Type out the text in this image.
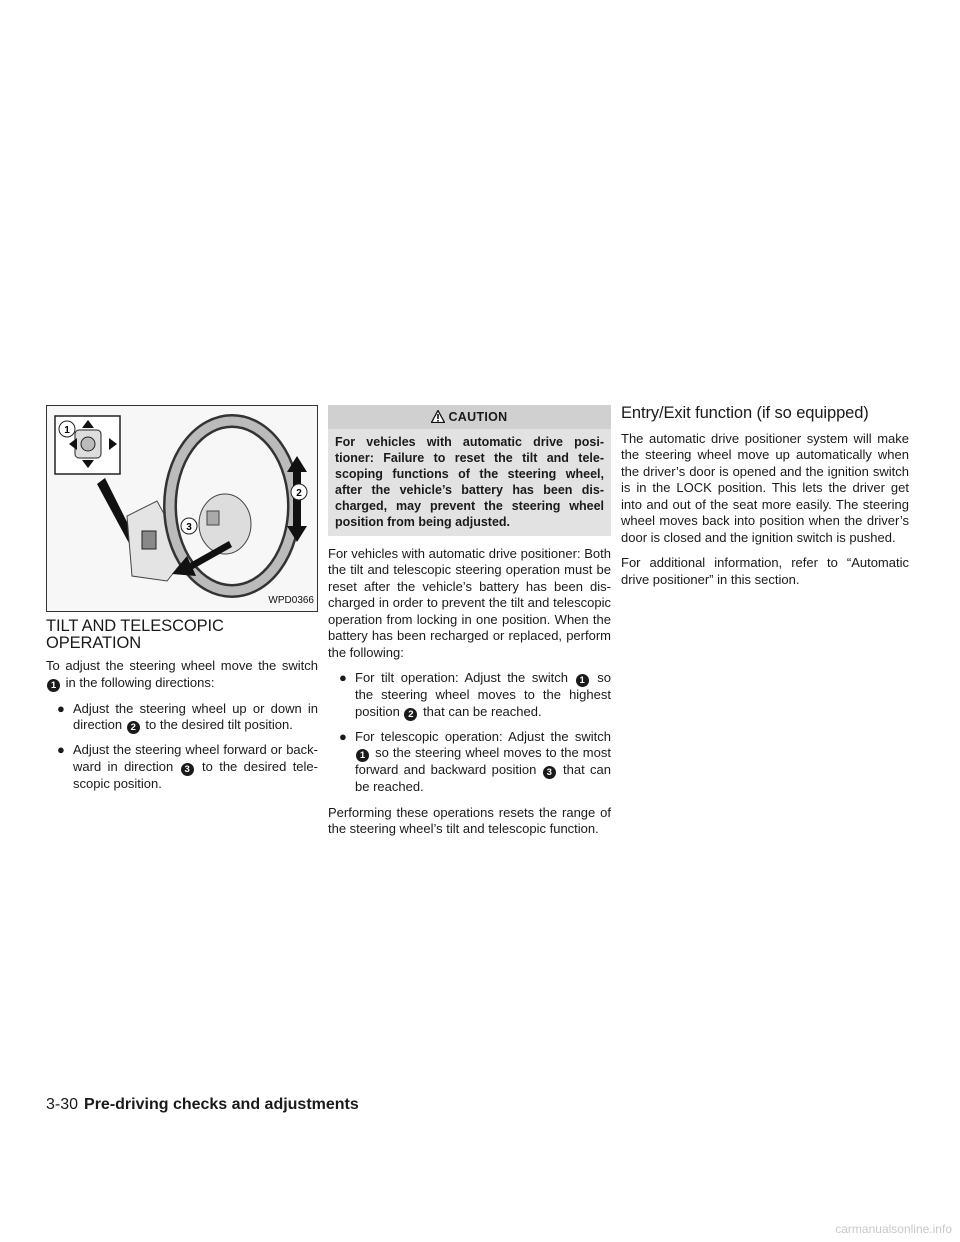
1
2
3
WPD0366
TILT AND TELESCOPIC OPERATION

To adjust the steering wheel move the switch 1 in the following directions:

● Adjust the steering wheel up or down in direction 2 to the desired tilt position.
● Adjust the steering wheel forward or back-ward in direction 3 to the desired tele-scopic position.
CAUTION
For vehicles with automatic drive posi-tioner: Failure to reset the tilt and tele-scoping functions of the steering wheel, after the vehicle’s battery has been dis-charged, may prevent the steering wheel position from being adjusted.

For vehicles with automatic drive positioner: Both the tilt and telescopic steering operation must be reset after the vehicle’s battery has been dis-charged in order to prevent the tilt and telescopic operation from locking in one position. When the battery has been recharged or replaced, perform the following:

● For tilt operation: Adjust the switch 1 so the steering wheel moves to the highest position 2 that can be reached.
● For telescopic operation: Adjust the switch 1 so the steering wheel moves to the most forward and backward position 3 that can be reached.

Performing these operations resets the range of the steering wheel’s tilt and telescopic function.

Entry/Exit function (if so equipped)

The automatic drive positioner system will make the steering wheel move up automatically when the driver’s door is opened and the ignition switch is in the LOCK position. This lets the driver get into and out of the seat more easily. The steering wheel moves back into position when the driver’s door is closed and the ignition switch is pushed.

For additional information, refer to “Automatic drive positioner” in this section.

3-30 Pre-driving checks and adjustments
carmanualsonline.info
